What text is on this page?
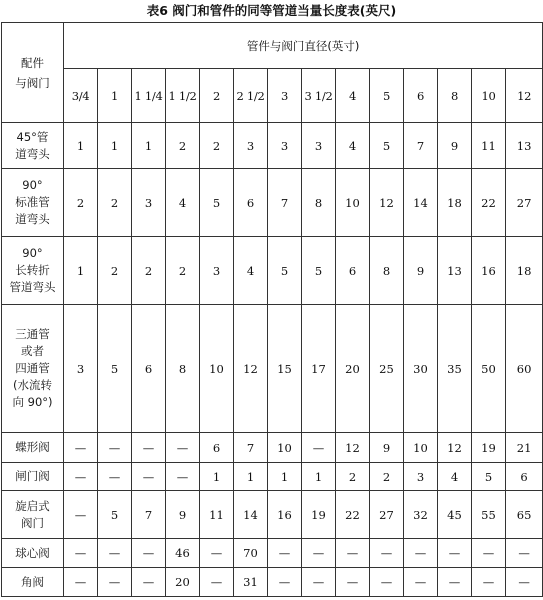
表6 阀门和管件的同等管道当量长度表(英尺)
配件
与阀门	管件与阀门直径(英寸)													
	3/4	1	1 1/4	1 1/2	2	2 1/2	3	3 1/2	4	5	6	8	10	12

45°管
道弯头	1	1	1	2	2	3	3	3	4	5	7	9	11	13

90°
标准管
道弯头	2	2	3	4	5	6	7	8	10	12	14	18	22	27

90°
长转折
管道弯头	1	2	2	2	3	4	5	5	6	8	9	13	16	18

三通管
或者
四通管
(水流转
向 90°)	3	5	6	8	10	12	15	17	20	25	30	35	50	60

蝶形阀	—	—	—	—	6	7	10	—	12	9	10	12	19	21

闸门阀	—	—	—	—	1	1	1	1	2	2	3	4	5	6

旋启式
阀门	—	5	7	9	11	14	16	19	22	27	32	45	55	65

球心阀	—	—	—	46	—	70	—	—	—	—	—	—	—	—

角阀	—	—	—	20	—	31	—	—	—	—	—	—	—	—
